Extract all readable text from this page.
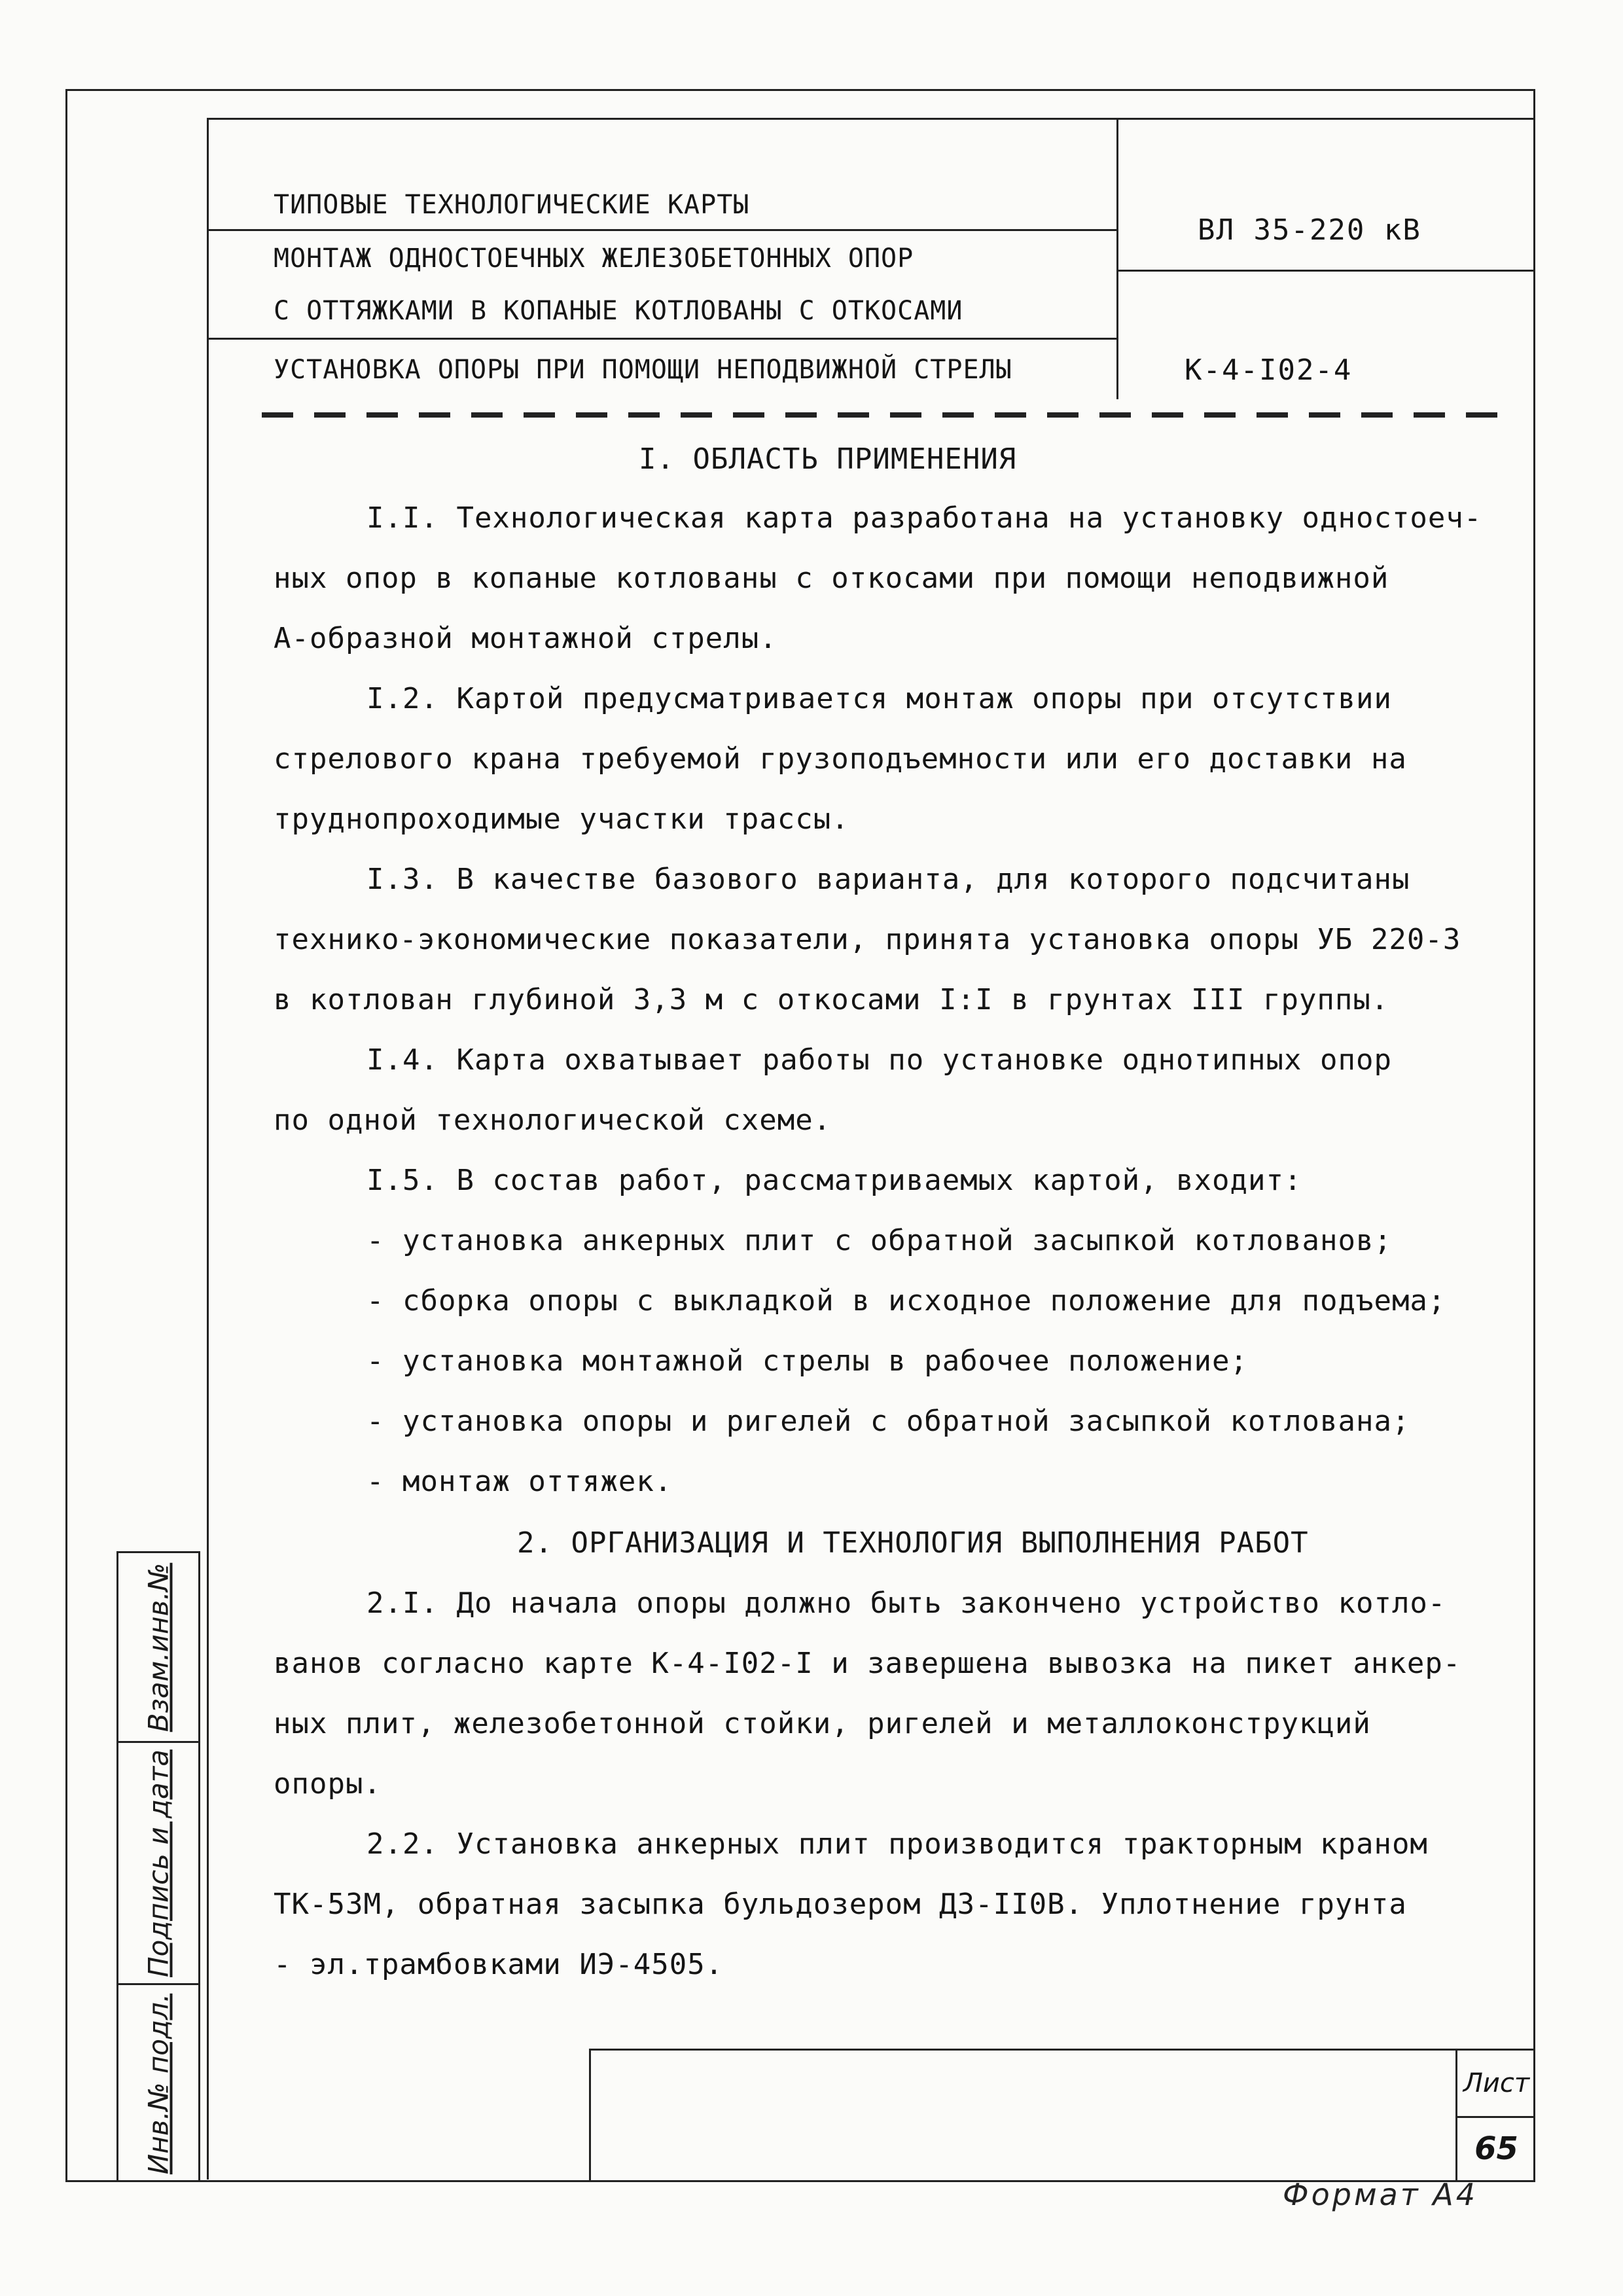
ТИПОВЫЕ ТЕХНОЛОГИЧЕСКИЕ КАРТЫ
МОНТАЖ ОДНОСТОЕЧНЫХ ЖЕЛЕЗОБЕТОННЫХ ОПОР
С ОТТЯЖКАМИ В КОПАНЫЕ КОТЛОВАНЫ С ОТКОСАМИ
УСТАНОВКА ОПОРЫ ПРИ ПОМОЩИ НЕПОДВИЖНОЙ СТРЕЛЫ
ВЛ 35-220 кВ
К-4-I02-4
I. ОБЛАСТЬ ПРИМЕНЕНИЯ
I.I. Технологическая карта разработана на установку одностоеч-
ных опор в копаные котлованы с откосами при помощи неподвижной
А-образной монтажной стрелы.
I.2. Картой предусматривается монтаж опоры при отсутствии
стрелового крана требуемой грузоподъемности или его доставки на
труднопроходимые участки трассы.
I.3. В качестве базового варианта, для которого подсчитаны
технико-экономические показатели, принята установка опоры УБ 220-3
в котлован глубиной 3,3 м с откосами I:I в грунтах III группы.
I.4. Карта охватывает работы по установке однотипных опор
по одной технологической схеме.
I.5. В состав работ, рассматриваемых картой, входит:
- установка анкерных плит с обратной засыпкой котлованов;
- сборка опоры с выкладкой в исходное положение для подъема;
- установка монтажной стрелы в рабочее положение;
- установка опоры и ригелей с обратной засыпкой котлована;
- монтаж оттяжек.
2. ОРГАНИЗАЦИЯ И ТЕХНОЛОГИЯ ВЫПОЛНЕНИЯ РАБОТ
2.I. До начала опоры должно быть закончено устройство котло-
ванов согласно карте К-4-I02-I и завершена вывозка на пикет анкер-
ных плит, железобетонной стойки, ригелей и металлоконструкций
опоры.
2.2. Установка анкерных плит производится тракторным краном
ТК-53М, обратная засыпка бульдозером ДЗ-II0В. Уплотнение грунта
- эл.трамбовками ИЭ-4505.
Взам.инв.№
Подпись и дата
Инв.№ подл.	Лист
65
Формат А4
